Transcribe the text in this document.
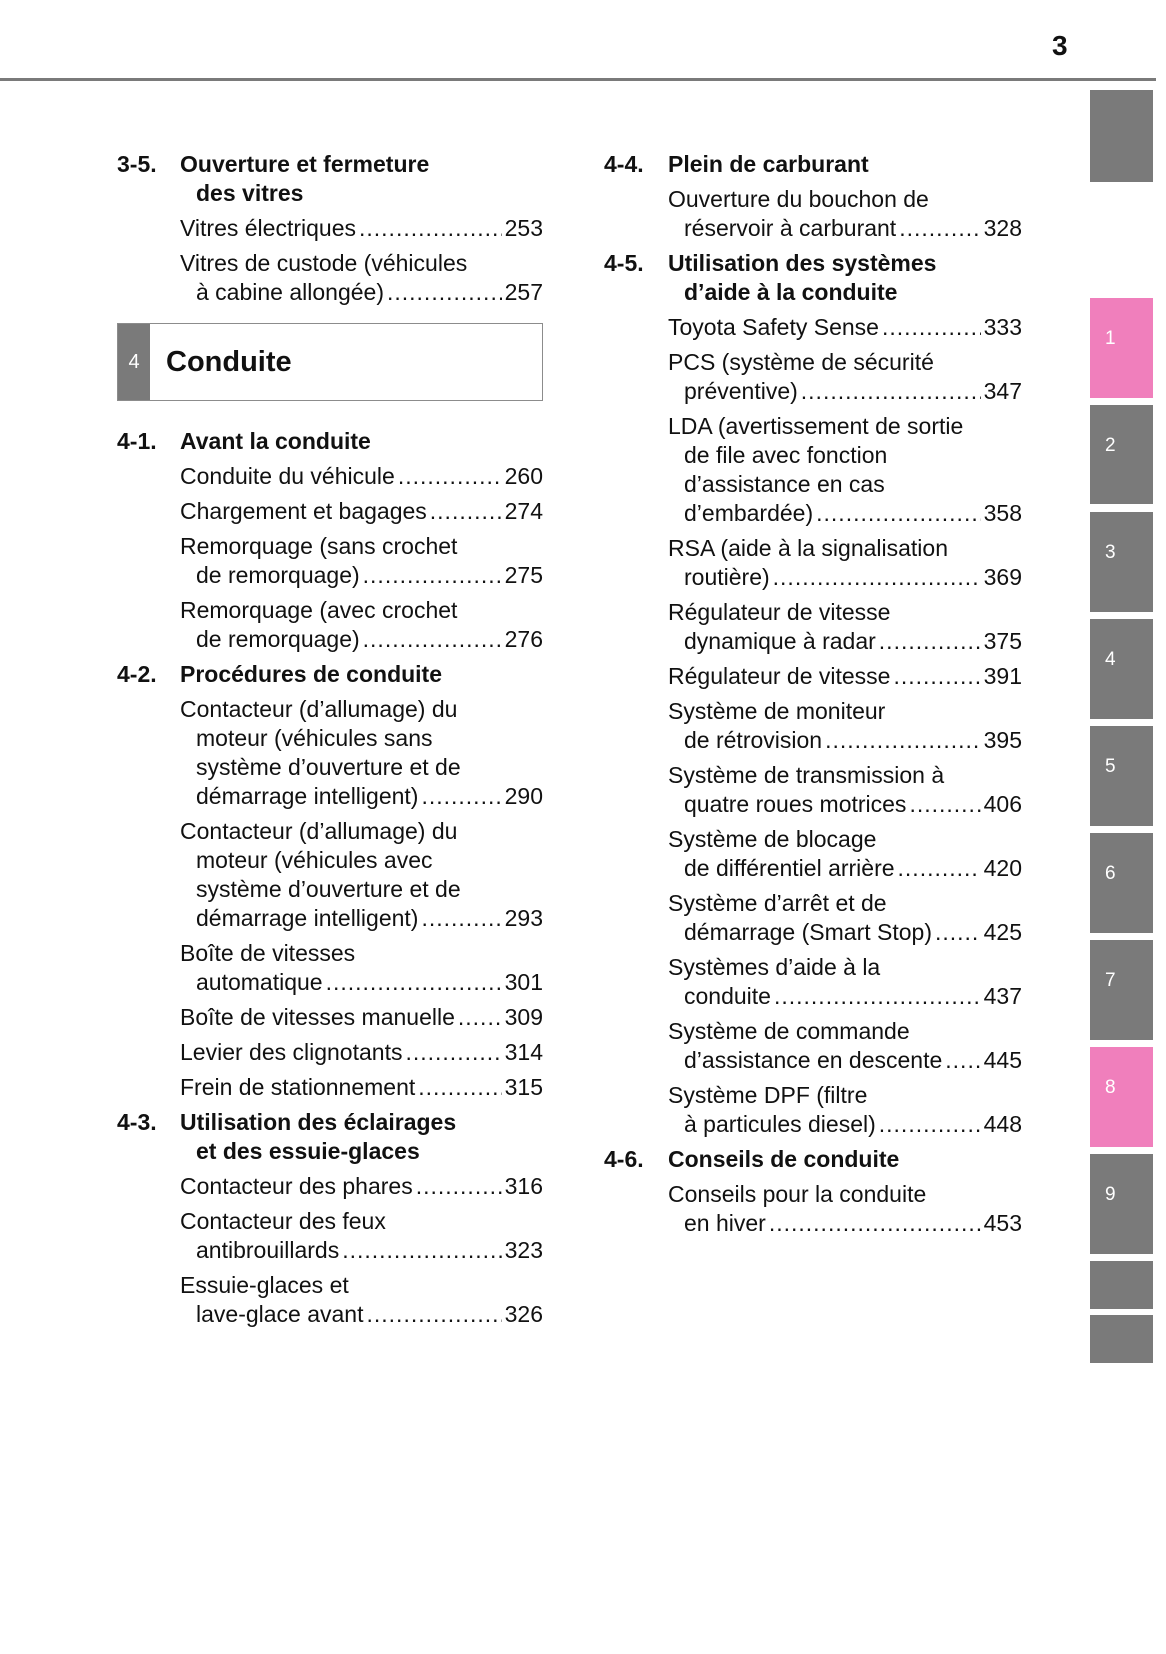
3
3-5. Ouverture et fermeture
des vitres
Vitres électriques .....	253
Vitres de custode (véhicules
à cabine allongée) .....	257
4 Conduite
4-1. Avant la conduite
Conduite du véhicule .....	260
Chargement et bagages .....	274
Remorquage (sans crochet
de remorquage) .....	275
Remorquage (avec crochet
de remorquage) .....	276
4-2. Procédures de conduite
Contacteur (d’allumage) du
moteur (véhicules sans
système d’ouverture et de
démarrage intelligent) .....	290
Contacteur (d’allumage) du
moteur (véhicules avec
système d’ouverture et de
démarrage intelligent) .....	293
Boîte de vitesses
automatique .....	301
Boîte de vitesses manuelle ..... 309
Levier des clignotants .....	314
Frein de stationnement .....	315
4-3. Utilisation des éclairages
et des essuie-glaces
Contacteur des phares .....	316
Contacteur des feux
antibrouillards .....	323
Essuie-glaces et
lave-glace avant .....	326
4-4. Plein de carburant
Ouverture du bouchon de
réservoir à carburant .....	328
4-5. Utilisation des systèmes
d’aide à la conduite
Toyota Safety Sense .....	333
PCS (système de sécurité
préventive) .....	347
LDA (avertissement de sortie
de file avec fonction
d’assistance en cas
d’embardée) .....	358
RSA (aide à la signalisation
routière) .....	369
Régulateur de vitesse
dynamique à radar .....	375
Régulateur de vitesse .....	391
Système de moniteur
de rétrovision .....	395
Système de transmission à
quatre roues motrices .....	406
Système de blocage
de différentiel arrière .....	420
Système d’arrêt et de
démarrage (Smart Stop) ..... 425
Systèmes d’aide à la
conduite .....	437
Système de commande
d’assistance en descente ..... 445
Système DPF (filtre
à particules diesel) .....	448
4-6. Conseils de conduite
Conseils pour la conduite
en hiver .....	453
1
2
3
4
5
6
7
8
9
